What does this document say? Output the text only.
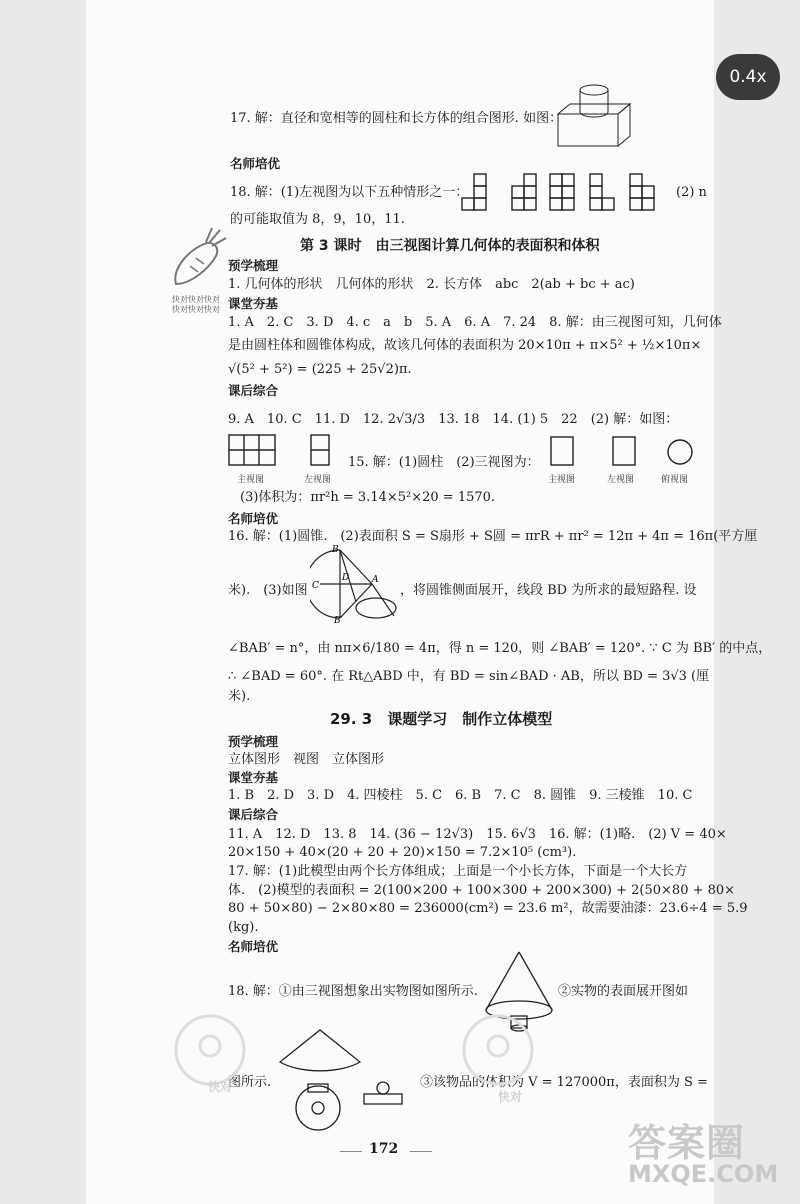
0.4x
17. 解：直径和宽相等的圆柱和长方体的组合图形. 如图：
名师培优
18. 解：(1)左视图为以下五种情形之一：	(2) n
的可能取值为 8，9，10，11.
快对快对快对
快对快对快对
第 3 课时　由三视图计算几何体的表面积和体积
预学梳理
1. 几何体的形状　几何体的形状　2. 长方体　abc　2(ab + bc + ac)
课堂夯基
1. A　2. C　3. D　4. c　a　b　5. A　6. A　7. 24　8. 解：由三视图可知，几何体
是由圆柱体和圆锥体构成，故该几何体的表面积为 20×10π + π×5² + ½×10π×
√(5² + 5²) = (225 + 25√2)π.
课后综合
9. A　10. C　11. D　12. 2√3/3　13. 18　14. (1) 5　22　(2) 解：如图：
主视图	左视图
15. 解：(1)圆柱　(2)三视图为：
主视图	左视图	俯视图
(3)体积为：πr²h = 3.14×5²×20 = 1570.
名师培优
16. 解：(1)圆锥.　(2)表面积 S = S扇形 + S圆 = πrR + πr² = 12π + 4π = 16π(平方厘
B
B′
C
D	A
米).　(3)如图	，将圆锥侧面展开，线段 BD 为所求的最短路程. 设
∠BAB′ = n°，由 nπ×6/180 = 4π，得 n = 120，则 ∠BAB′ = 120°. ∵ C 为 BB′ 的中点，
∴ ∠BAD = 60°. 在 Rt△ABD 中，有 BD = sin∠BAD · AB，所以 BD = 3√3 (厘
米).
29. 3　课题学习　制作立体模型
预学梳理
立体图形　视图　立体图形
课堂夯基
1. B　2. D　3. D　4. 四棱柱　5. C　6. B　7. C　8. 圆锥　9. 三棱锥　10. C
课后综合
11. A　12. D　13. 8　14. (36 − 12√3)　15. 6√3　16. 解：(1)略.　(2) V = 40×
20×150 + 40×(20 + 20 + 20)×150 = 7.2×10⁵ (cm³).
17. 解：(1)此模型由两个长方体组成；上面是一个小长方体，下面是一个大长方
体.　(2)模型的表面积 = 2(100×200 + 100×300 + 200×300) + 2(50×80 + 80×
80 + 50×80) − 2×80×80 = 236000(cm²) = 23.6 m²，故需要油漆：23.6÷4 = 5.9
(kg).
名师培优
18. 解：①由三视图想象出实物图如图所示.	②实物的表面展开图如
图所示.	③该物品的体积为 V = 127000π，表面积为 S =
快对
快对
172	答案圈
MXQE.COM
